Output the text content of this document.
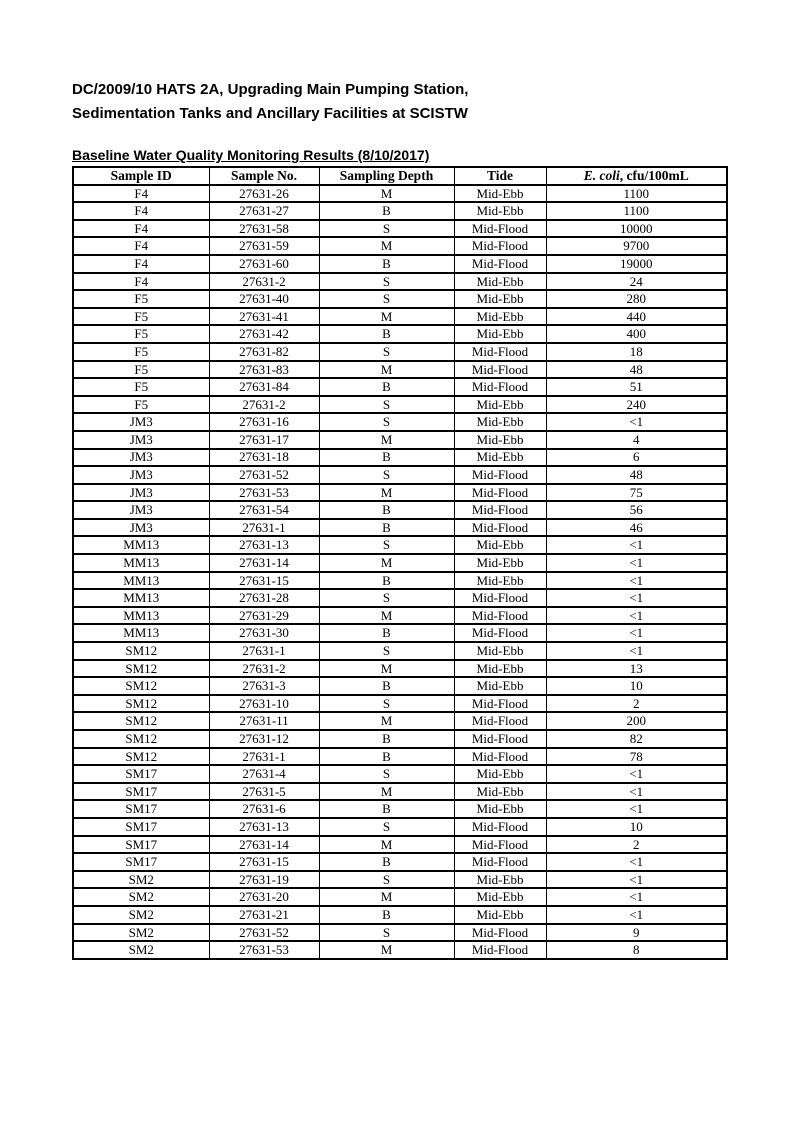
DC/2009/10 HATS 2A, Upgrading Main Pumping Station,
Sedimentation Tanks and Ancillary Facilities at SCISTW
Baseline Water Quality Monitoring Results (8/10/2017)
Sample ID	Sample No.	Sampling Depth	Tide	E. coli, cfu/100mL
F4	27631-26	M	Mid-Ebb	1100
F4	27631-27	B	Mid-Ebb	1100
F4	27631-58	S	Mid-Flood	10000
F4	27631-59	M	Mid-Flood	9700
F4	27631-60	B	Mid-Flood	19000
F4	27631-2	S	Mid-Ebb	24
F5	27631-40	S	Mid-Ebb	280
F5	27631-41	M	Mid-Ebb	440
F5	27631-42	B	Mid-Ebb	400
F5	27631-82	S	Mid-Flood	18
F5	27631-83	M	Mid-Flood	48
F5	27631-84	B	Mid-Flood	51
F5	27631-2	S	Mid-Ebb	240
JM3	27631-16	S	Mid-Ebb	<1
JM3	27631-17	M	Mid-Ebb	4
JM3	27631-18	B	Mid-Ebb	6
JM3	27631-52	S	Mid-Flood	48
JM3	27631-53	M	Mid-Flood	75
JM3	27631-54	B	Mid-Flood	56
JM3	27631-1	B	Mid-Flood	46
MM13	27631-13	S	Mid-Ebb	<1
MM13	27631-14	M	Mid-Ebb	<1
MM13	27631-15	B	Mid-Ebb	<1
MM13	27631-28	S	Mid-Flood	<1
MM13	27631-29	M	Mid-Flood	<1
MM13	27631-30	B	Mid-Flood	<1
SM12	27631-1	S	Mid-Ebb	<1
SM12	27631-2	M	Mid-Ebb	13
SM12	27631-3	B	Mid-Ebb	10
SM12	27631-10	S	Mid-Flood	2
SM12	27631-11	M	Mid-Flood	200
SM12	27631-12	B	Mid-Flood	82
SM12	27631-1	B	Mid-Flood	78
SM17	27631-4	S	Mid-Ebb	<1
SM17	27631-5	M	Mid-Ebb	<1
SM17	27631-6	B	Mid-Ebb	<1
SM17	27631-13	S	Mid-Flood	10
SM17	27631-14	M	Mid-Flood	2
SM17	27631-15	B	Mid-Flood	<1
SM2	27631-19	S	Mid-Ebb	<1
SM2	27631-20	M	Mid-Ebb	<1
SM2	27631-21	B	Mid-Ebb	<1
SM2	27631-52	S	Mid-Flood	9
SM2	27631-53	M	Mid-Flood	8
